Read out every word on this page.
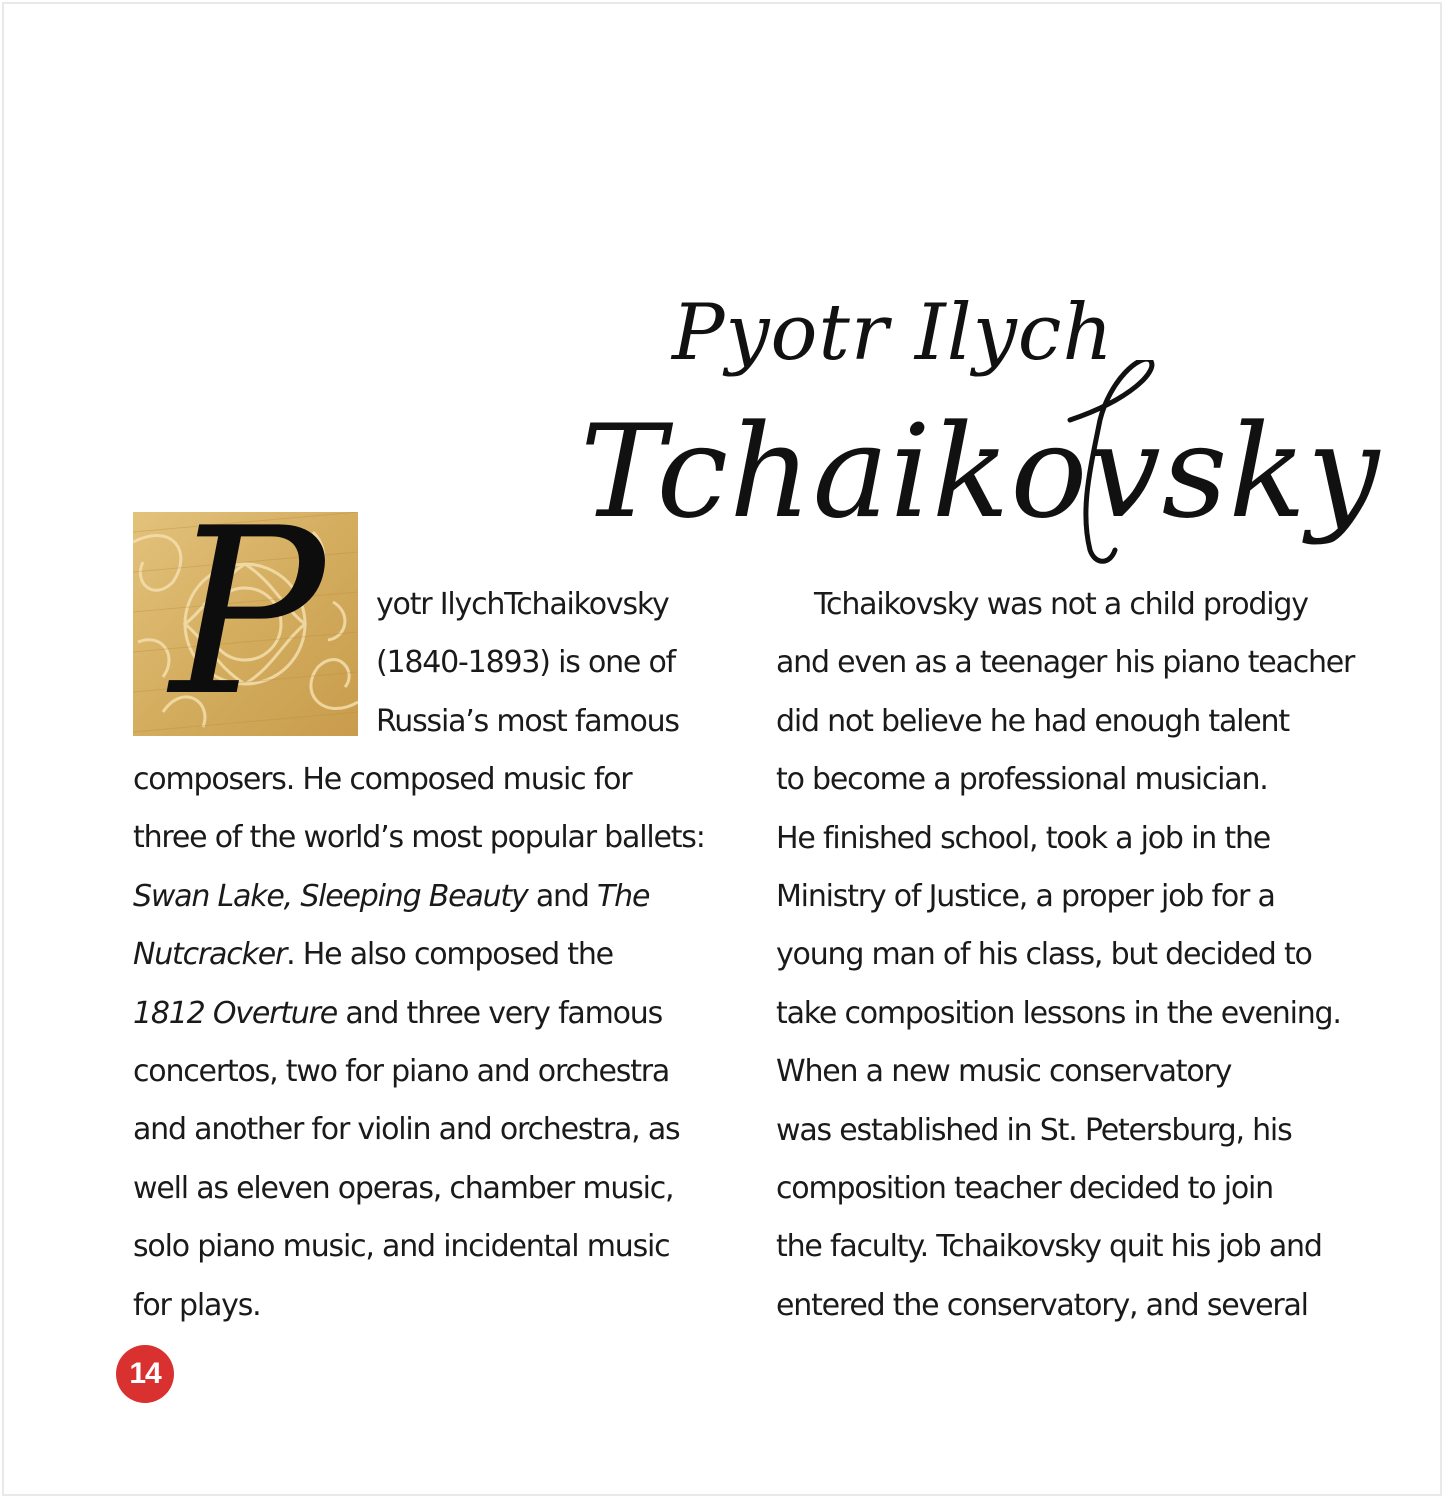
Pyotr Ilych
Tchaikovsky
P	yotr IlychTchaikovsky
(1840-1893) is one of
Russia’s most famous
composers. He composed music for
three of the world’s most popular ballets:
Swan Lake, Sleeping Beauty and The
Nutcracker. He also composed the
1812 Overture and three very famous
concertos, two for piano and orchestra
and another for violin and orchestra, as
well as eleven operas, chamber music,
solo piano music, and incidental music
for plays.
Tchaikovsky was not a child prodigy
and even as a teenager his piano teacher
did not believe he had enough talent
to become a professional musician.
He finished school, took a job in the
Ministry of Justice, a proper job for a
young man of his class, but decided to
take composition lessons in the evening.
When a new music conservatory
was established in St. Petersburg, his
composition teacher decided to join
the faculty. Tchaikovsky quit his job and
entered the conservatory, and several
14
